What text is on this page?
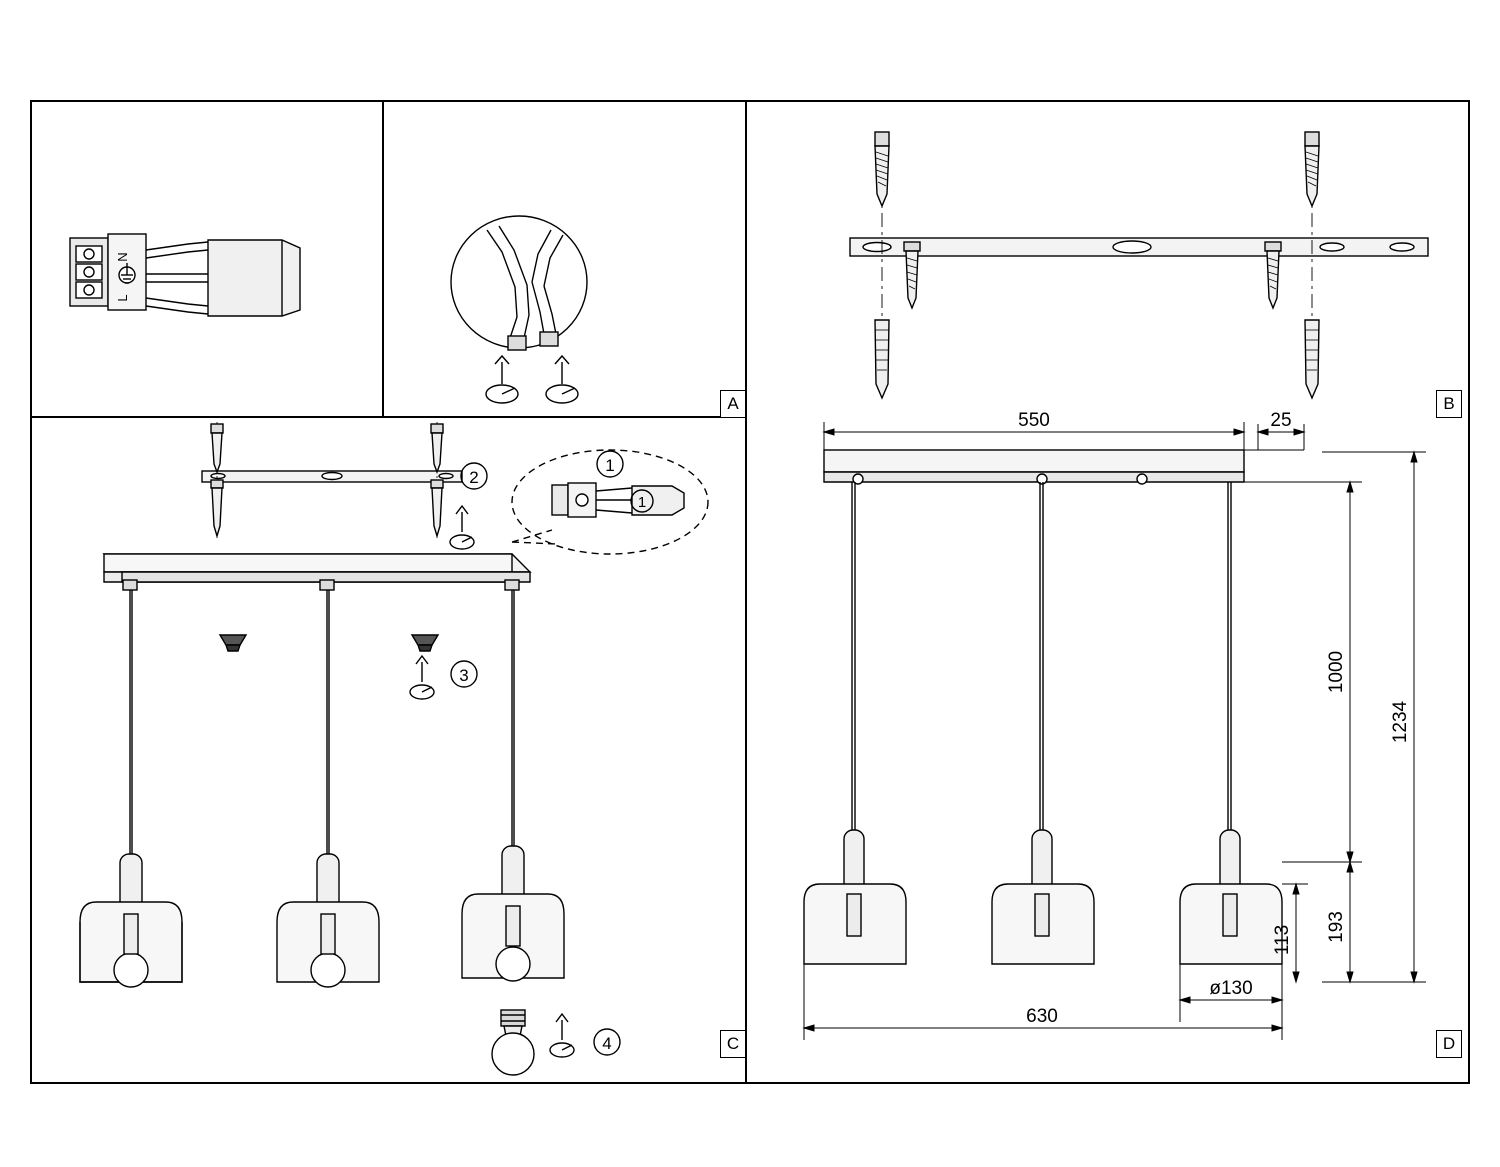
A	B
C	D
N
L
2
1
1
3
4
550	25
1000
1234
193
113
ø130
630
